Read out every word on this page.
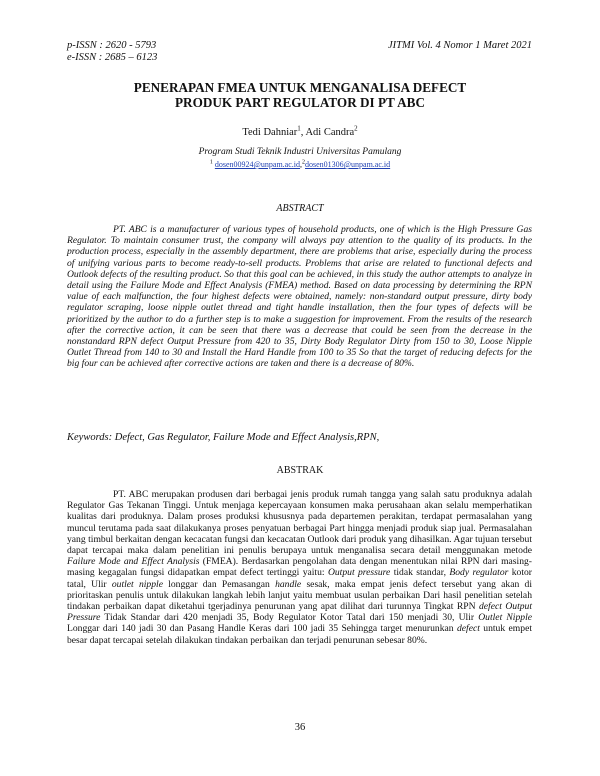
p-ISSN : 2620 - 5793
e-ISSN : 2685 – 6123
JITMI Vol. 4 Nomor 1 Maret 2021
PENERAPAN FMEA UNTUK MENGANALISA DEFECT
PRODUK PART REGULATOR DI PT ABC
Tedi Dahniar$^1$, Adi Candra$^2$
Program Studi Teknik Industri Universitas Pamulang
$^1$ dosen00924@unpam.ac.id,$^2$dosen01306@unpam.ac.id
ABSTRACT

PT. ABC is a manufacturer of various types of household products, one of which is the High Pressure Gas Regulator. To maintain consumer trust, the company will always pay attention to the quality of its products. In the production process, especially in the assembly department, there are problems that arise, especially during the process of unifying various parts to become ready-to-sell products. Problems that arise are related to functional defects and Outlook defects of the resulting product. So that this goal can be achieved, in this study the author attempts to analyze in detail using the Failure Mode and Effect Analysis (FMEA) method. Based on data processing by determining the RPN value of each malfunction, the four highest defects were obtained, namely: non-standard output pressure, dirty body regulator scraping, loose nipple outlet thread and tight handle installation, then the four types of defects will be prioritized by the author to do a further step is to make a suggestion for improvement. From the results of the research after the corrective action, it can be seen that there was a decrease that could be seen from the decrease in the nonstandard RPN defect Output Pressure from 420 to 35, Dirty Body Regulator Dirty from 150 to 30, Loose Nipple Outlet Thread from 140 to 30 and Install the Hard Handle from 100 to 35 So that the target of reducing defects for the big four can be achieved after corrective actions are taken and there is a decrease of 80%.

Keywords: Defect, Gas Regulator, Failure Mode and Effect Analysis,RPN,

ABSTRAK

PT. ABC merupakan produsen dari berbagai jenis produk rumah tangga yang salah satu produknya adalah Regulator Gas Tekanan Tinggi. Untuk menjaga kepercayaan konsumen maka perusahaan akan selalu memperhatikan kualitas dari produknya. Dalam proses produksi khususnya pada departemen perakitan, terdapat permasalahan yang muncul terutama pada saat dilakukanya proses penyatuan berbagai Part hingga menjadi produk siap jual. Permasalahan yang timbul berkaitan dengan kecacatan fungsi dan kecacatan Outlook dari produk yang dihasilkan. Agar tujuan tersebut dapat tercapai maka dalam penelitian ini penulis berupaya untuk menganalisa secara detail menggunakan metode Failure Mode and Effect Analysis (FMEA). Berdasarkan pengolahan data dengan menentukan nilai RPN dari masing-masing kegagalan fungsi didapatkan empat defect tertinggi yaitu: Output pressure tidak standar, Body regulator kotor tatal, Ulir outlet nipple longgar dan Pemasangan handle sesak, maka empat jenis defect tersebut yang akan di prioritaskan penulis untuk dilakukan langkah lebih lanjut yaitu membuat usulan perbaikan Dari hasil penelitian setelah tindakan perbaikan dapat diketahui tgerjadinya penurunan yang apat dilihat dari turunnya Tingkat RPN defect Output Pressure Tidak Standar dari 420 menjadi 35, Body Regulator Kotor Tatal dari 150 menjadi 30, Ulir Outlet Nipple Longgar dari 140 jadi 30 dan Pasang Handle Keras dari 100 jadi 35 Sehingga target menurunkan defect untuk empet besar dapat tercapai setelah dilakukan tindakan perbaikan dan terjadi penurunan sebesar 80%.

36
